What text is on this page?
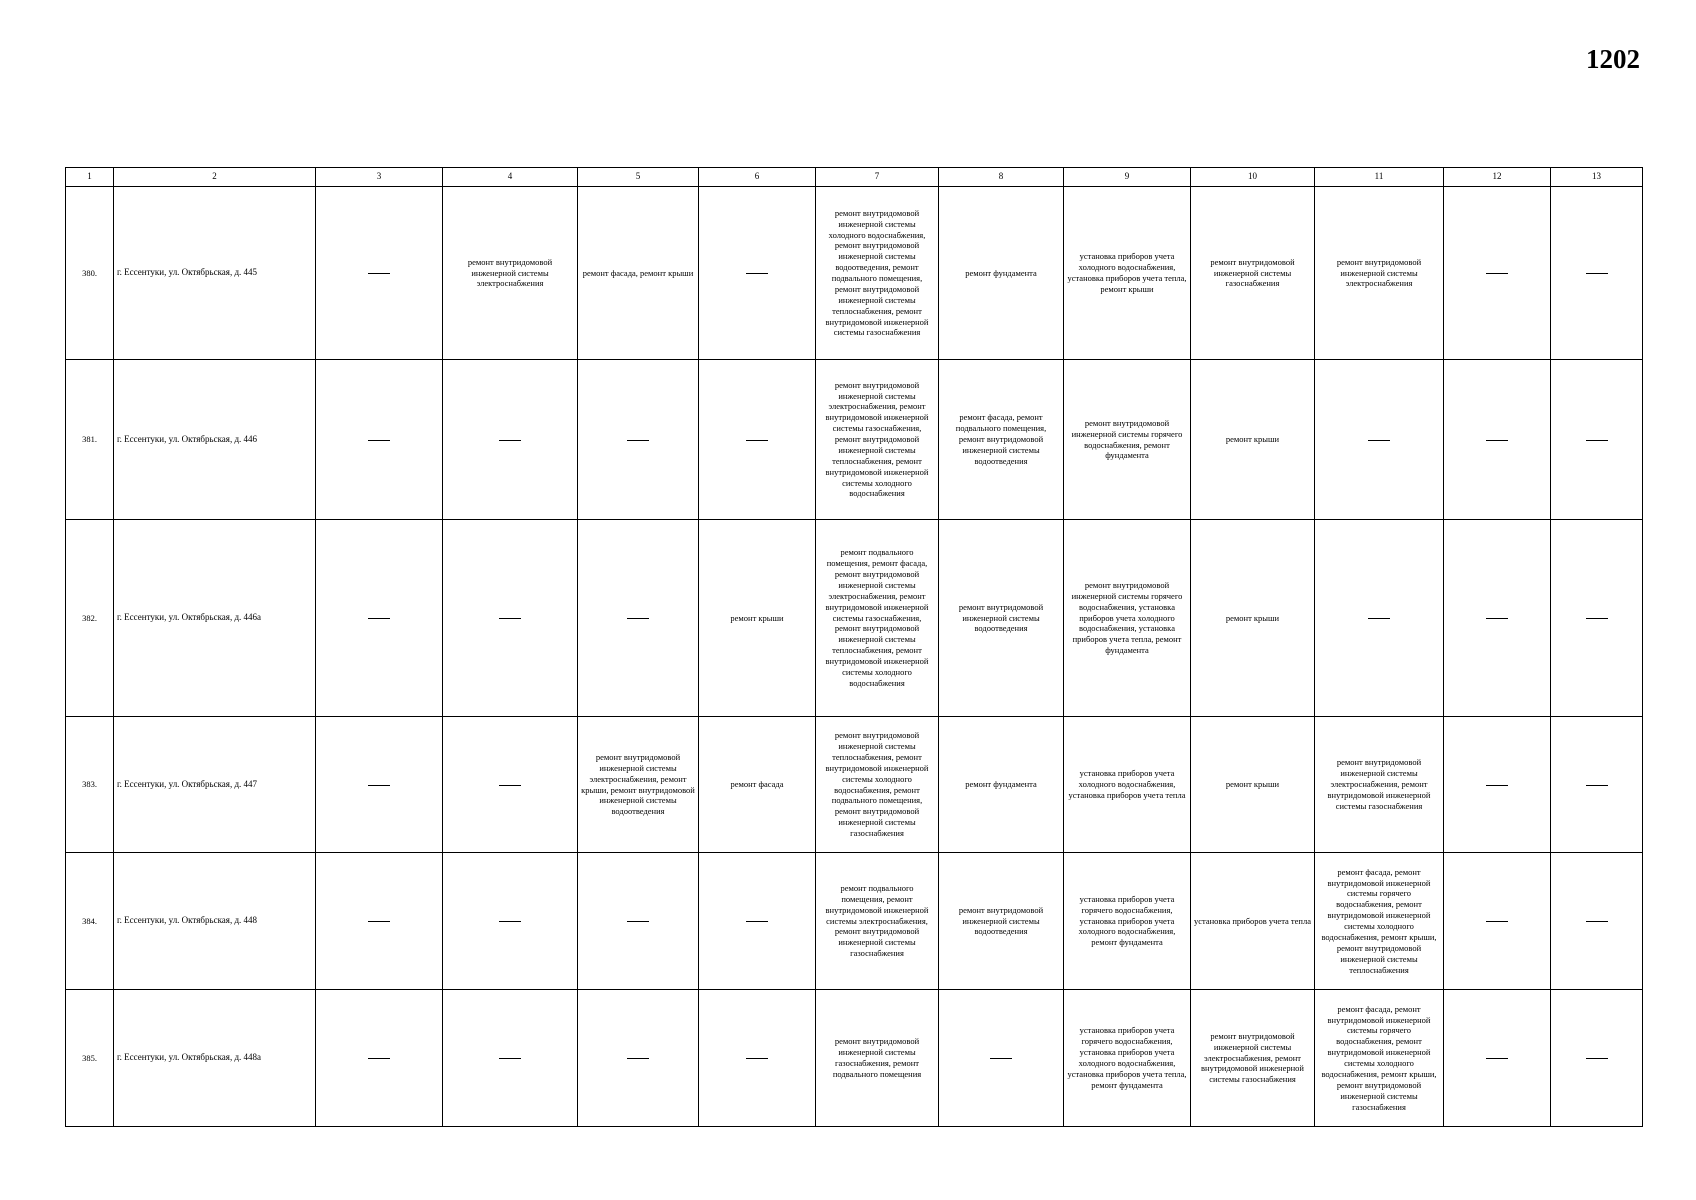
1202
1	2	3	4	5	6	7	8	9	10	11	12	13
380.	г. Ессентуки, ул. Октябрьская, д. 445		ремонт внутридомовой инженерной системы электроснабжения	ремонт фасада, ремонт крыши		ремонт внутридомовой инженерной системы холодного водоснабжения, ремонт внутридомовой инженерной системы водоотведения, ремонт подвального помещения, ремонт внутридомовой инженерной системы теплоснабжения, ремонт внутридомовой инженерной системы газоснабжения	ремонт фундамента	установка приборов учета холодного водоснабжения, установка приборов учета тепла, ремонт крыши	ремонт внутридомовой инженерной системы газоснабжения	ремонт внутридомовой инженерной системы электроснабжения		
381.	г. Ессентуки, ул. Октябрьская, д. 446					ремонт внутридомовой инженерной системы электроснабжения, ремонт внутридомовой инженерной системы газоснабжения, ремонт внутридомовой инженерной системы теплоснабжения, ремонт внутридомовой инженерной системы холодного водоснабжения	ремонт фасада, ремонт подвального помещения, ремонт внутридомовой инженерной системы водоотведения	ремонт внутридомовой инженерной системы горячего водоснабжения, ремонт фундамента	ремонт крыши			
382.	г. Ессентуки, ул. Октябрьская, д. 446а				ремонт крыши	ремонт подвального помещения, ремонт фасада, ремонт внутридомовой инженерной системы электроснабжения, ремонт внутридомовой инженерной системы газоснабжения, ремонт внутридомовой инженерной системы теплоснабжения, ремонт внутридомовой инженерной системы холодного водоснабжения	ремонт внутридомовой инженерной системы водоотведения	ремонт внутридомовой инженерной системы горячего водоснабжения, установка приборов учета холодного водоснабжения, установка приборов учета тепла, ремонт фундамента	ремонт крыши			
383.	г. Ессентуки, ул. Октябрьская, д. 447			ремонт внутридомовой инженерной системы электроснабжения, ремонт крыши, ремонт внутридомовой инженерной системы водоотведения	ремонт фасада	ремонт внутридомовой инженерной системы теплоснабжения, ремонт внутридомовой инженерной системы холодного водоснабжения, ремонт подвального помещения, ремонт внутридомовой инженерной системы газоснабжения	ремонт фундамента	установка приборов учета холодного водоснабжения, установка приборов учета тепла	ремонт крыши	ремонт внутридомовой инженерной системы электроснабжения, ремонт внутридомовой инженерной системы газоснабжения		
384.	г. Ессентуки, ул. Октябрьская, д. 448					ремонт подвального помещения, ремонт внутридомовой инженерной системы электроснабжения, ремонт внутридомовой инженерной системы газоснабжения	ремонт внутридомовой инженерной системы водоотведения	установка приборов учета горячего водоснабжения, установка приборов учета холодного водоснабжения, ремонт фундамента	установка приборов учета тепла	ремонт фасада, ремонт внутридомовой инженерной системы горячего водоснабжения, ремонт внутридомовой инженерной системы холодного водоснабжения, ремонт крыши, ремонт внутридомовой инженерной системы теплоснабжения		
385.	г. Ессентуки, ул. Октябрьская, д. 448а					ремонт внутридомовой инженерной системы газоснабжения, ремонт подвального помещения		установка приборов учета горячего водоснабжения, установка приборов учета холодного водоснабжения, установка приборов учета тепла, ремонт фундамента	ремонт внутридомовой инженерной системы электроснабжения, ремонт внутридомовой инженерной системы газоснабжения	ремонт фасада, ремонт внутридомовой инженерной системы горячего водоснабжения, ремонт внутридомовой инженерной системы холодного водоснабжения, ремонт крыши, ремонт внутридомовой инженерной системы газоснабжения		
